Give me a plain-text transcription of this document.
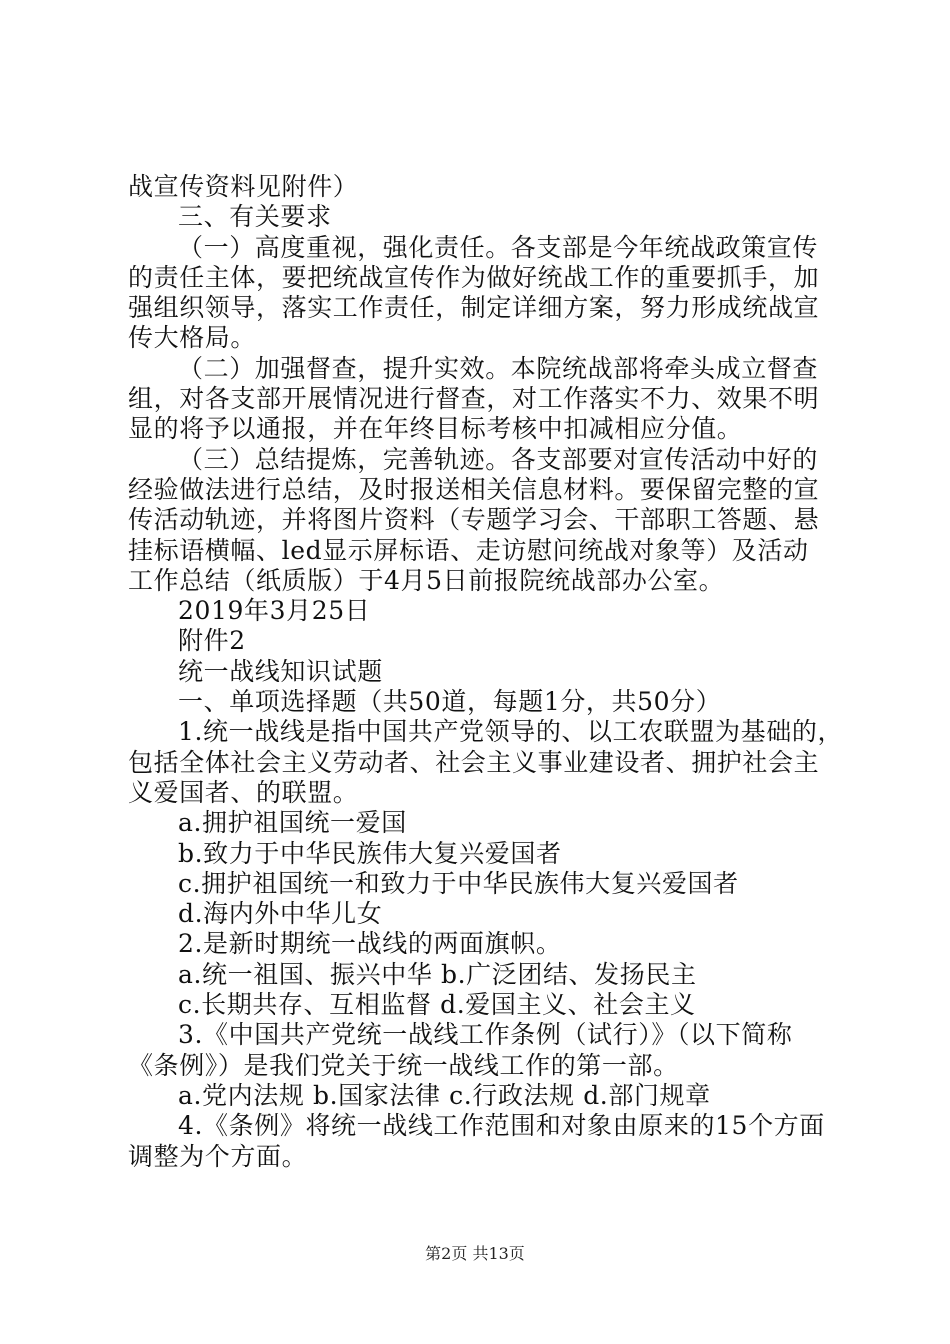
战宣传资料见附件）
三、有关要求
（一）高度重视，强化责任。各支部是今年统战政策宣传
的责任主体，要把统战宣传作为做好统战工作的重要抓手，加
强组织领导，落实工作责任，制定详细方案，努力形成统战宣
传大格局。
（二）加强督查，提升实效。本院统战部将牵头成立督查
组，对各支部开展情况进行督查，对工作落实不力、效果不明
显的将予以通报，并在年终目标考核中扣减相应分值。
（三）总结提炼，完善轨迹。各支部要对宣传活动中好的
经验做法进行总结，及时报送相关信息材料。要保留完整的宣
传活动轨迹，并将图片资料（专题学习会、干部职工答题、悬
挂标语横幅、led显示屏标语、走访慰问统战对象等）及活动
工作总结（纸质版）于4月5日前报院统战部办公室。
2019年3月25日
附件2
统一战线知识试题
一、单项选择题（共50道，每题1分，共50分）
1.统一战线是指中国共产党领导的、以工农联盟为基础的，
包括全体社会主义劳动者、社会主义事业建设者、拥护社会主
义爱国者、的联盟。
a.拥护祖国统一爱国
b.致力于中华民族伟大复兴爱国者
c.拥护祖国统一和致力于中华民族伟大复兴爱国者
d.海内外中华儿女
2.是新时期统一战线的两面旗帜。
a.统一祖国、振兴中华 b.广泛团结、发扬民主
c.长期共存、互相监督 d.爱国主义、社会主义
3.《中国共产党统一战线工作条例（试行）》（以下简称
《条例》）是我们党关于统一战线工作的第一部。
a.党内法规 b.国家法律 c.行政法规 d.部门规章
4.《条例》将统一战线工作范围和对象由原来的15个方面
调整为个方面。
第2页 共13页
